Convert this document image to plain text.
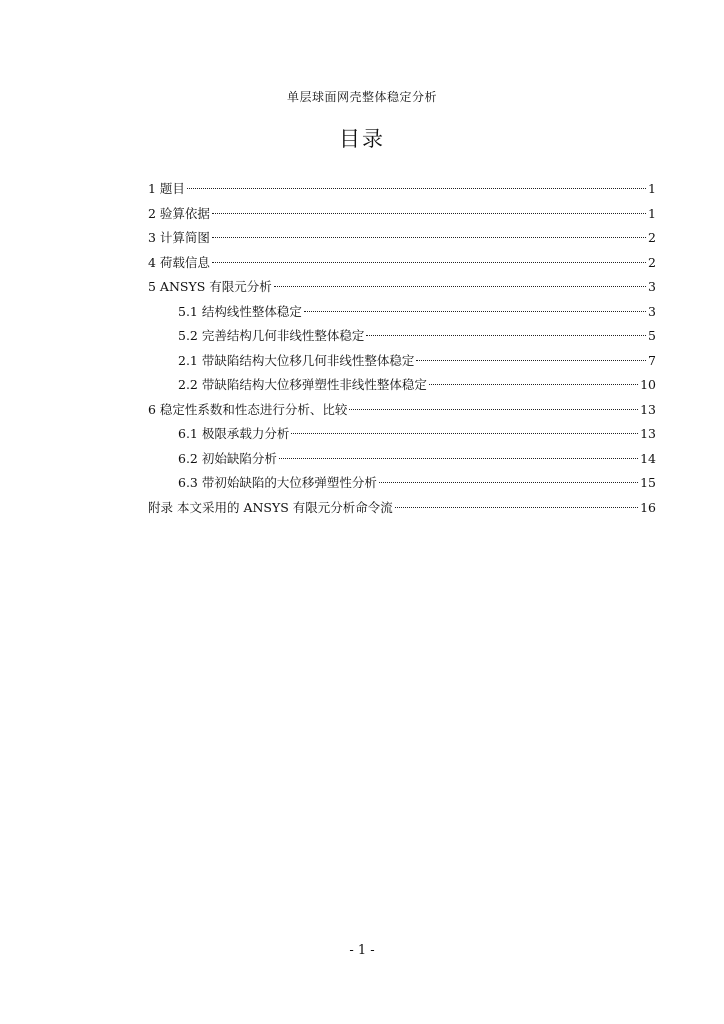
单层球面网壳整体稳定分析
目录
1 题目	1
2 验算依据	1
3 计算简图	2
4 荷载信息	2
5 ANSYS 有限元分析	3
5.1 结构线性整体稳定	3
5.2 完善结构几何非线性整体稳定	5
2.1 带缺陷结构大位移几何非线性整体稳定	7
2.2 带缺陷结构大位移弹塑性非线性整体稳定	10
6 稳定性系数和性态进行分析、比较	13
6.1 极限承载力分析	13
6.2 初始缺陷分析	14
6.3 带初始缺陷的大位移弹塑性分析	15
附录 本文采用的 ANSYS 有限元分析命令流	16
- 1 -
